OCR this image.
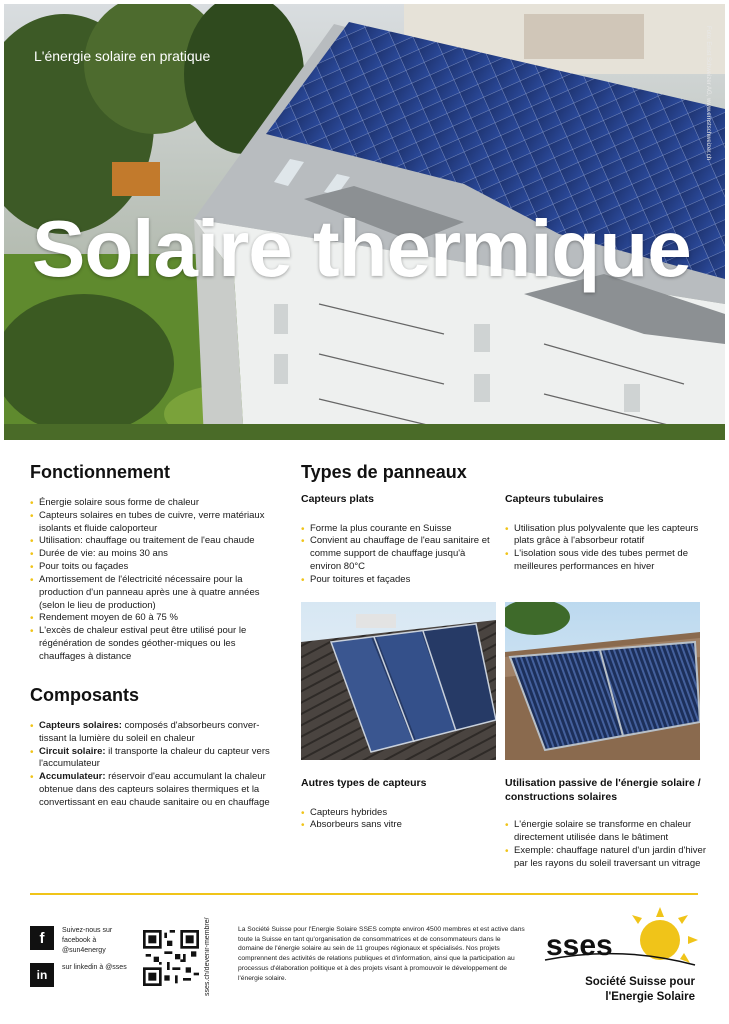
L'énergie solaire en pratique
Solaire thermique
Foto: Ernst Schweizer AG, www.ernstschweizer.ch
Fonctionnement
• Énergie solaire sous forme de chaleur
• Capteurs solaires en tubes de cuivre, verre matériaux isolants et fluide caloporteur
• Utilisation: chauffage ou traitement de l'eau chaude
• Durée de vie: au moins 30 ans
• Pour toits ou façades
• Amortissement de l'électricité nécessaire pour la production d'un panneau après une à quatre années (selon le lieu de production)
• Rendement moyen de 60 à 75 %
• L'excès de chaleur estival peut être utilisé pour le régénération de sondes géother-miques ou les chauffages à distance
Composants
• Capteurs solaires: composés d'absorbeurs conver-tissant la lumière du soleil en chaleur
• Circuit solaire: il transporte la chaleur du capteur vers l'accumulateur
• Accumulateur: réservoir d'eau accumulant la chaleur obtenue dans des capteurs solaires thermiques et la convertissant en eau chaude sanitaire ou en chauffage
Types de panneaux
Capteurs plats
• Forme la plus courante en Suisse
• Convient au chauffage de l'eau sanitaire et comme support de chauffage jusqu'à environ 80°C
• Pour toitures et façades
Capteurs tubulaires
• Utilisation plus polyvalente que les capteurs plats grâce à l'absorbeur rotatif
• L'isolation sous vide des tubes permet de meilleures performances en hiver
Autres types de capteurs
• Capteurs hybrides
• Absorbeurs sans vitre
Utilisation passive de l'énergie solaire / constructions solaires
• L'énergie solaire se transforme en chaleur directement utilisée dans le bâtiment
• Exemple: chauffage naturel d'un jardin d'hiver par les rayons du soleil traversant un vitrage
f	Suivez-nous sur facebook à @sun4energy
in
sur linkedin à @sses	sses.ch/devenir-membre/	La Société Suisse pour l'Energie Solaire SSES compte environ 4500 membres et est active dans toute la Suisse en tant qu'organisation de consommatrices et de consommateurs dans le domaine de l'énergie solaire au sein de 11 groupes régionaux et spécialisés. Nos projets comprennent des activités de relations publiques et d'information, ainsi que la participation au processus d'élaboration politique et à des projets visant à promouvoir le développement de l'énergie solaire.
sses
Société Suisse pour
l'Energie Solaire
